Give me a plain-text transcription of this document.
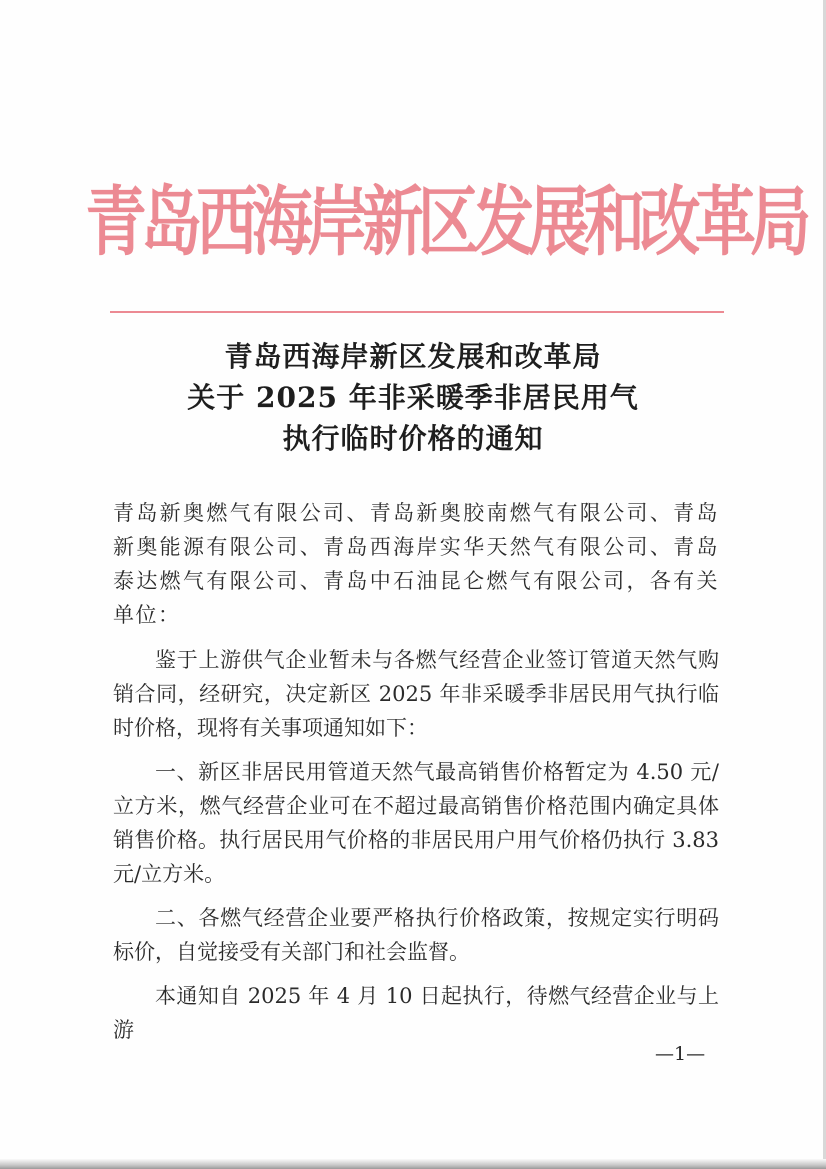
青岛西海岸新区发展和改革局
青岛西海岸新区发展和改革局
关于 2025 年非采暖季非居民用气
执行临时价格的通知

青岛新奥燃气有限公司、青岛新奥胶南燃气有限公司、青岛新奥能源有限公司、青岛西海岸实华天然气有限公司、青岛泰达燃气有限公司、青岛中石油昆仑燃气有限公司，各有关单位：

鉴于上游供气企业暂未与各燃气经营企业签订管道天然气购销合同，经研究，决定新区 2025 年非采暖季非居民用气执行临时价格，现将有关事项通知如下：

一、新区非居民用管道天然气最高销售价格暂定为 4.50 元/立方米，燃气经营企业可在不超过最高销售价格范围内确定具体销售价格。执行居民用气价格的非居民用户用气价格仍执行 3.83 元/立方米。

二、各燃气经营企业要严格执行价格政策，按规定实行明码标价，自觉接受有关部门和社会监督。

本通知自 2025 年 4 月 10 日起执行，待燃气经营企业与上游

—1—
